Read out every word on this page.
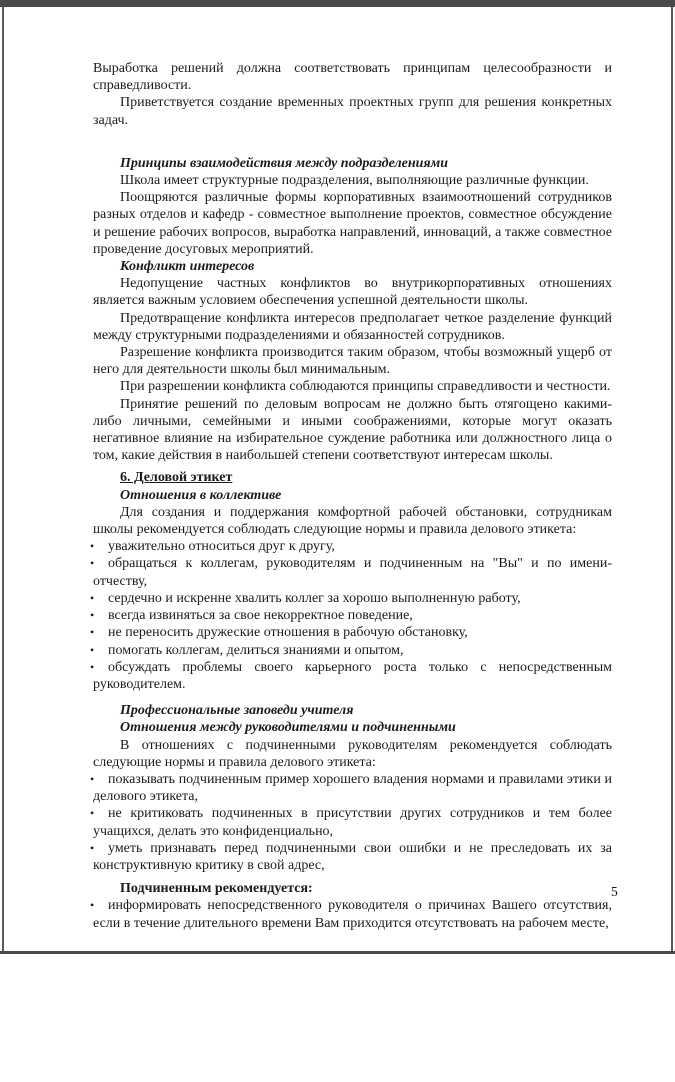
Выработка решений должна соответствовать принципам целесообразности и справедливости.

Приветствуется создание временных проектных групп для решения конкретных задач.

Принципы взаимодействия между подразделениями

Школа имеет структурные подразделения, выполняющие различные функции.

Поощряются различные формы корпоративных взаимоотношений сотрудников разных отделов и кафедр - совместное выполнение проектов, совместное обсуждение и решение рабочих вопросов, выработка направлений, инноваций, а также совместное проведение досуговых мероприятий.

Конфликт интересов

Недопущение частных конфликтов во внутрикорпоративных отношениях является важным условием обеспечения успешной деятельности школы.

Предотвращение конфликта интересов предполагает четкое разделение функций между структурными подразделениями и обязанностей сотрудников.

Разрешение конфликта производится таким образом, чтобы возможный ущерб от него для деятельности школы был минимальным.

При разрешении конфликта соблюдаются принципы справедливости и честности.

Принятие решений по деловым вопросам не должно быть отягощено какими-либо личными, семейными и иными соображениями, которые могут оказать негативное влияние на избирательное суждение работника или должностного лица о том, какие действия в наибольшей степени соответствуют интересам школы.

6. Деловой этикет

Отношения в коллективе

Для создания и поддержания комфортной рабочей обстановки, сотрудникам школы рекомендуется соблюдать следующие нормы и правила делового этикета:

• уважительно относиться друг к другу,

• обращаться к коллегам, руководителям и подчиненным на "Вы" и по имени-отчеству,

• сердечно и искренне хвалить коллег за хорошо выполненную работу,

• всегда извиняться за свое некорректное поведение,

• не переносить дружеские отношения в рабочую обстановку,

• помогать коллегам, делиться знаниями и опытом,

• обсуждать проблемы своего карьерного роста только с непосредственным руководителем.

Профессиональные заповеди учителя

Отношения между руководителями и подчиненными

В отношениях с подчиненными руководителям рекомендуется соблюдать следующие нормы и правила делового этикета:

• показывать подчиненным пример хорошего владения нормами и правилами этики и делового этикета,

• не критиковать подчиненных в присутствии других сотрудников и тем более учащихся, делать это конфиденциально,

• уметь признавать перед подчиненными свои ошибки и не преследовать их за конструктивную критику в свой адрес,

Подчиненным рекомендуется:

• информировать непосредственного руководителя о причинах Вашего отсутствия, если в течение длительного времени Вам приходится отсутствовать на рабочем месте,

5
